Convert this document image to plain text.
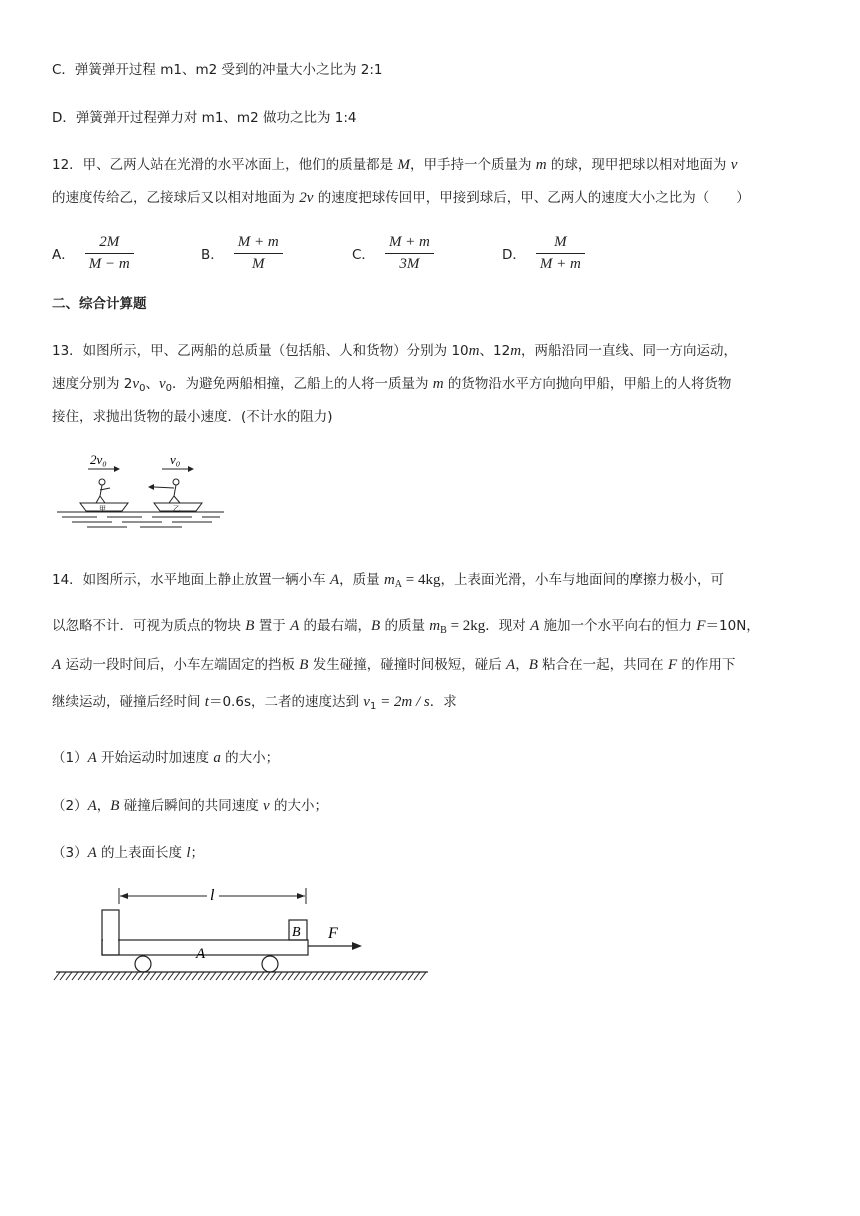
C．弹簧弹开过程 m1、m2 受到的冲量大小之比为 2:1
D．弹簧弹开过程弹力对 m1、m2 做功之比为 1:4
12．甲、乙两人站在光滑的水平冰面上，他们的质量都是 M，甲手持一个质量为 m 的球，现甲把球以相对地面为 v
的速度传给乙，乙接球后又以相对地面为 2v 的速度把球传回甲，甲接到球后，甲、乙两人的速度大小之比为（　　）
A． $\frac{2M}{M - m}$	B． $\frac{M + m}{M}$	C． $\frac{M + m}{3M}$	D． $\frac{M}{M + m}$
二、综合计算题
13．如图所示，甲、乙两船的总质量（包括船、人和货物）分别为 10m、12m，两船沿同一直线、同一方向运动，
速度分别为 $2v_0$、$v_0$．为避免两船相撞，乙船上的人将一质量为 m 的货物沿水平方向抛向甲船，甲船上的人将货物
接住，求抛出货物的最小速度．(不计水的阻力)
2v₀	v₀
甲	乙
14．如图所示，水平地面上静止放置一辆小车 A，质量 $m_A = 4kg$，上表面光滑，小车与地面间的摩擦力极小，可
以忽略不计．可视为质点的物块 B 置于 A 的最右端，B 的质量 $m_B = 2kg$．现对 A 施加一个水平向右的恒力 F＝10N，
A 运动一段时间后，小车左端固定的挡板 B 发生碰撞，碰撞时间极短，碰后 A，B 粘合在一起，共同在 F 的作用下
继续运动，碰撞后经时间 t＝0.6s，二者的速度达到 $v_1 = 2m / s$．求
（1）A 开始运动时加速度 a 的大小；
（2）A，B 碰撞后瞬间的共同速度 v 的大小；
（3）A 的上表面长度 l；
l
A
B F
